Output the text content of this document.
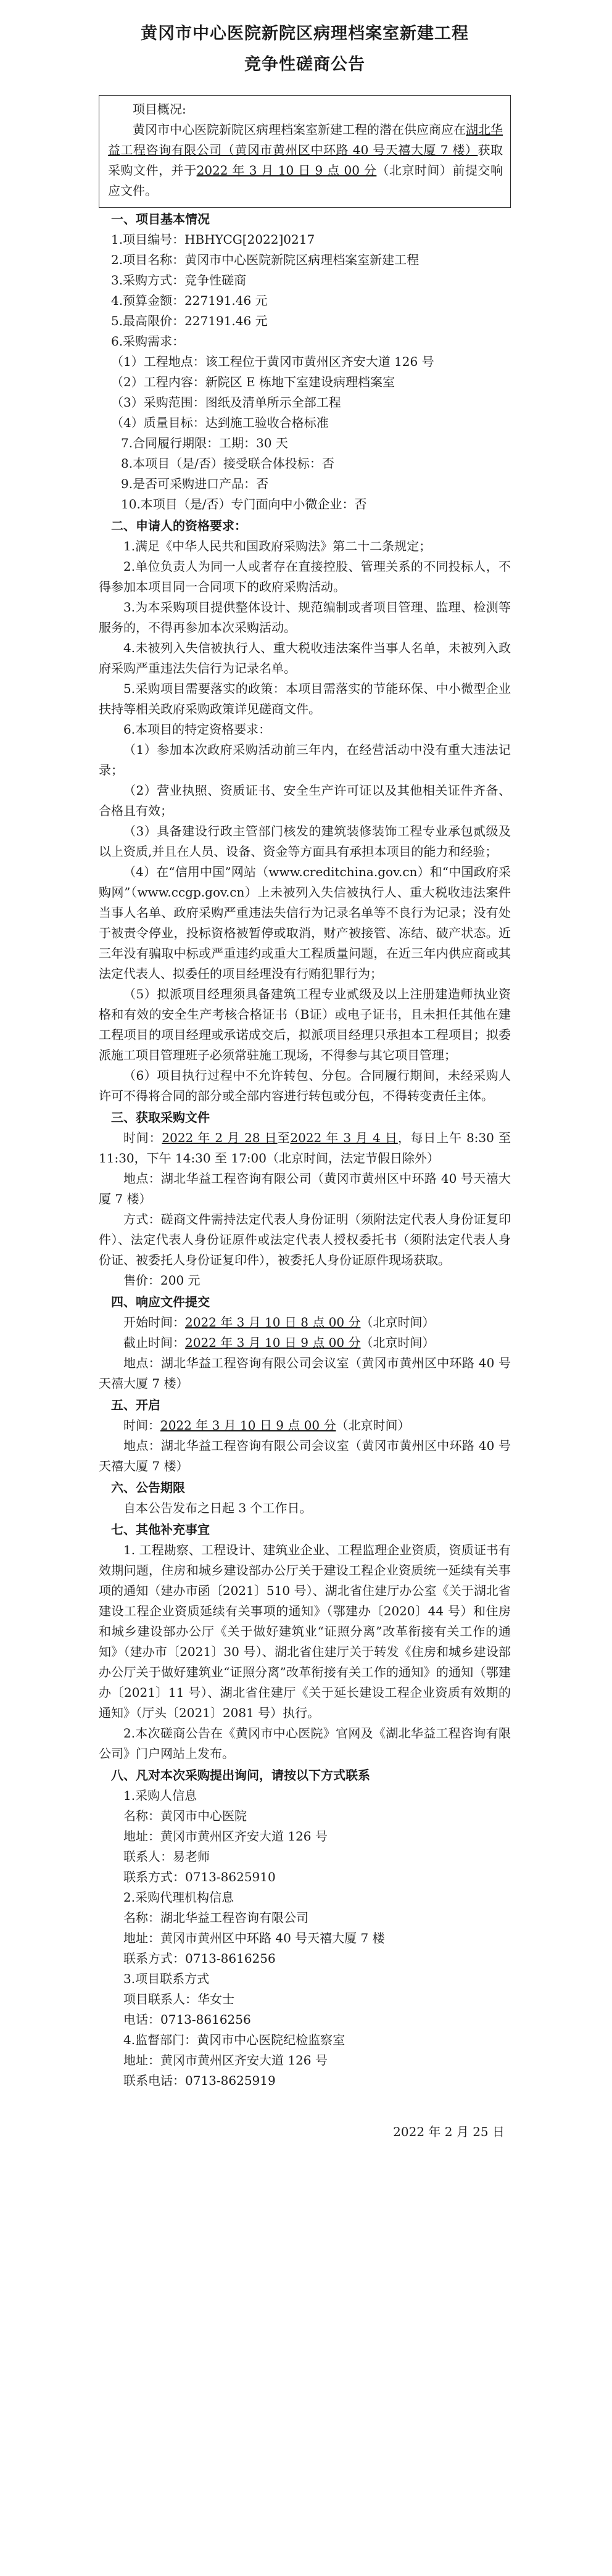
黄冈市中心医院新院区病理档案室新建工程
竞争性磋商公告

项目概况:

黄冈市中心医院新院区病理档案室新建工程的潜在供应商应在湖北华益工程咨询有限公司（黄冈市黄州区中环路 40 号天禧大厦 7 楼）获取采购文件，并于2022 年 3 月 10 日 9 点 00 分（北京时间）前提交响应文件。

一、项目基本情况

1.项目编号：HBHYCG[2022]0217

2.项目名称：黄冈市中心医院新院区病理档案室新建工程

3.采购方式：竞争性磋商

4.预算金额：227191.46 元

5.最高限价：227191.46 元

6.采购需求：

（1）工程地点：该工程位于黄冈市黄州区齐安大道 126 号

（2）工程内容：新院区 E 栋地下室建设病理档案室

（3）采购范围：图纸及清单所示全部工程

（4）质量目标：达到施工验收合格标准

7.合同履行期限：工期：30 天

8.本项目（是/否）接受联合体投标：否

9.是否可采购进口产品：否

10.本项目（是/否）专门面向中小微企业：否

二、申请人的资格要求：

1.满足《中华人民共和国政府采购法》第二十二条规定；

2.单位负责人为同一人或者存在直接控股、管理关系的不同投标人，不得参加本项目同一合同项下的政府采购活动。

3.为本采购项目提供整体设计、规范编制或者项目管理、监理、检测等服务的，不得再参加本次采购活动。

4.未被列入失信被执行人、重大税收违法案件当事人名单，未被列入政府采购严重违法失信行为记录名单。

5.采购项目需要落实的政策：本项目需落实的节能环保、中小微型企业扶持等相关政府采购政策详见磋商文件。

6.本项目的特定资格要求：

（1）参加本次政府采购活动前三年内，在经营活动中没有重大违法记录；

（2）营业执照、资质证书、安全生产许可证以及其他相关证件齐备、合格且有效；

（3）具备建设行政主管部门核发的建筑装修装饰工程专业承包贰级及以上资质,并且在人员、设备、资金等方面具有承担本项目的能力和经验；

（4）在“信用中国”网站（www.creditchina.gov.cn）和“中国政府采购网”（www.ccgp.gov.cn）上未被列入失信被执行人、重大税收违法案件当事人名单、政府采购严重违法失信行为记录名单等不良行为记录；没有处于被责令停业，投标资格被暂停或取消，财产被接管、冻结、破产状态。近三年没有骗取中标或严重违约或重大工程质量问题，在近三年内供应商或其法定代表人、拟委任的项目经理没有行贿犯罪行为；

（5）拟派项目经理须具备建筑工程专业贰级及以上注册建造师执业资格和有效的安全生产考核合格证书（B证）或电子证书，且未担任其他在建工程项目的项目经理或承诺成交后，拟派项目经理只承担本工程项目；拟委派施工项目管理班子必须常驻施工现场，不得参与其它项目管理；

（6）项目执行过程中不允许转包、分包。合同履行期间，未经采购人许可不得将合同的部分或全部内容进行转包或分包，不得转变责任主体。

三、获取采购文件

时间：2022 年 2 月 28 日至2022 年 3 月 4 日，每日上午 8:30 至 11:30，下午 14:30 至 17:00（北京时间，法定节假日除外）

地点：湖北华益工程咨询有限公司（黄冈市黄州区中环路 40 号天禧大厦 7 楼）

方式：磋商文件需持法定代表人身份证明（须附法定代表人身份证复印件）、法定代表人身份证原件或法定代表人授权委托书（须附法定代表人身份证、被委托人身份证复印件），被委托人身份证原件现场获取。

售价：200 元

四、响应文件提交

开始时间：2022 年 3 月 10 日 8 点 00 分（北京时间）

截止时间：2022 年 3 月 10 日 9 点 00 分（北京时间）

地点：湖北华益工程咨询有限公司会议室（黄冈市黄州区中环路 40 号天禧大厦 7 楼）

五、开启

时间：2022 年 3 月 10 日 9 点 00 分（北京时间）

地点：湖北华益工程咨询有限公司会议室（黄冈市黄州区中环路 40 号天禧大厦 7 楼）

六、公告期限

自本公告发布之日起 3 个工作日。

七、其他补充事宜

1. 工程勘察、工程设计、建筑业企业、工程监理企业资质，资质证书有效期问题，住房和城乡建设部办公厅关于建设工程企业资质统一延续有关事项的通知（建办市函〔2021〕510 号）、湖北省住建厅办公室《关于湖北省建设工程企业资质延续有关事项的通知》（鄂建办〔2020〕44 号）和住房和城乡建设部办公厅《关于做好建筑业“证照分离”改革衔接有关工作的通知》（建办市〔2021〕30 号）、湖北省住建厅关于转发《住房和城乡建设部办公厅关于做好建筑业“证照分离”改革衔接有关工作的通知》的通知（鄂建办〔2021〕11 号）、湖北省住建厅《关于延长建设工程企业资质有效期的通知》（厅头〔2021〕2081 号）执行。

2.本次磋商公告在《黄冈市中心医院》官网及《湖北华益工程咨询有限公司》门户网站上发布。

八、凡对本次采购提出询问，请按以下方式联系

1.采购人信息

名称：黄冈市中心医院

地址：黄冈市黄州区齐安大道 126 号

联系人：易老师

联系方式：0713-8625910

2.采购代理机构信息

名称：湖北华益工程咨询有限公司

地址：黄冈市黄州区中环路 40 号天禧大厦 7 楼

联系方式：0713-8616256

3.项目联系方式

项目联系人：华女士

电话：0713-8616256

4.监督部门：黄冈市中心医院纪检监察室

地址：黄冈市黄州区齐安大道 126 号

联系电话：0713-8625919

2022 年 2 月 25 日
